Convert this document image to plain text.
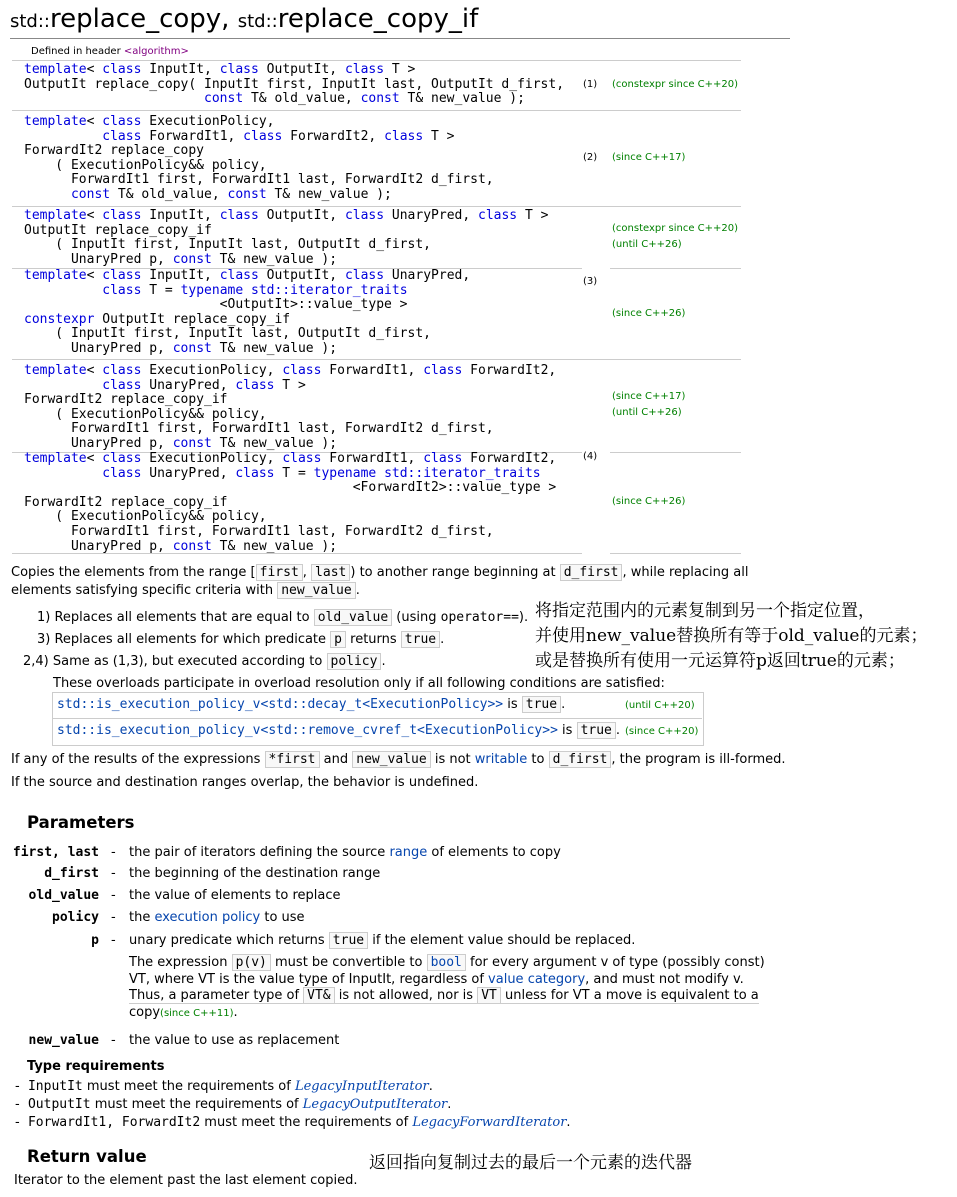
std::replace_copy, std::replace_copy_if
Defined in header <algorithm>
template< class InputIt, class OutputIt, class T >
OutputIt replace_copy( InputIt first, InputIt last, OutputIt d_first,
const T& old_value, const T& new_value );
(1) (constexpr since C++20)
template< class ExecutionPolicy,
class ForwardIt1, class ForwardIt2, class T >
ForwardIt2 replace_copy
( ExecutionPolicy&& policy,
ForwardIt1 first, ForwardIt1 last, ForwardIt2 d_first,
const T& old_value, const T& new_value );
(2) (since C++17)
template< class InputIt, class OutputIt, class UnaryPred, class T >
OutputIt replace_copy_if
( InputIt first, InputIt last, OutputIt d_first,
UnaryPred p, const T& new_value );
(constexpr since C++20)
(until C++26)
(3)
template< class InputIt, class OutputIt, class UnaryPred,
class T = typename std::iterator_traits
<OutputIt>::value_type >
constexpr OutputIt replace_copy_if
( InputIt first, InputIt last, OutputIt d_first,
UnaryPred p, const T& new_value );
(since C++26)
template< class ExecutionPolicy, class ForwardIt1, class ForwardIt2,
class UnaryPred, class T >
ForwardIt2 replace_copy_if
( ExecutionPolicy&& policy,
ForwardIt1 first, ForwardIt1 last, ForwardIt2 d_first,
UnaryPred p, const T& new_value );
(since C++17)
(until C++26)
(4)
template< class ExecutionPolicy, class ForwardIt1, class ForwardIt2,
class UnaryPred, class T = typename std::iterator_traits
<ForwardIt2>::value_type >
ForwardIt2 replace_copy_if
( ExecutionPolicy&& policy,
ForwardIt1 first, ForwardIt1 last, ForwardIt2 d_first,
UnaryPred p, const T& new_value );
(since C++26)
Copies the elements from the range [ first , last ) to another range beginning at d_first , while replacing all
elements satisfying specific criteria with new_value .
1) Replaces all elements that are equal to old_value (using operator==).
3) Replaces all elements for which predicate p returns true .
2,4) Same as (1,3), but executed according to policy .
These overloads participate in overload resolution only if all following conditions are satisfied:
std::is_execution_policy_v<std::decay_t<ExecutionPolicy>> is true .	(until C++20)
std::is_execution_policy_v<std::remove_cvref_t<ExecutionPolicy>> is true . (since C++20)
If any of the results of the expressions *first and new_value is not writable to d_first , the program is ill-formed.
If the source and destination ranges overlap, the behavior is undefined.
将指定范围内的元素复制到另一个指定位置，
并使用new_value替换所有等于old_value的元素；
或是替换所有使用一元运算符p返回true的元素；
返回指向复制过去的最后一个元素的迭代器
Parameters
first, last - the pair of iterators defining the source range of elements to copy
d_first - the beginning of the destination range
old_value - the value of elements to replace
policy - the execution policy to use
p - unary predicate which returns true if the element value should be replaced.
The expression p(v) must be convertible to bool for every argument v of type (possibly const)
VT, where VT is the value type of InputIt, regardless of value category, and must not modify v.
Thus, a parameter type of VT& is not allowed, nor is VT unless for VT a move is equivalent to a
copy(since C++11).
new_value - the value to use as replacement
Type requirements
-  InputIt must meet the requirements of LegacyInputIterator.
-  OutputIt must meet the requirements of LegacyOutputIterator.
-  ForwardIt1, ForwardIt2 must meet the requirements of LegacyForwardIterator.
Return value
Iterator to the element past the last element copied.
